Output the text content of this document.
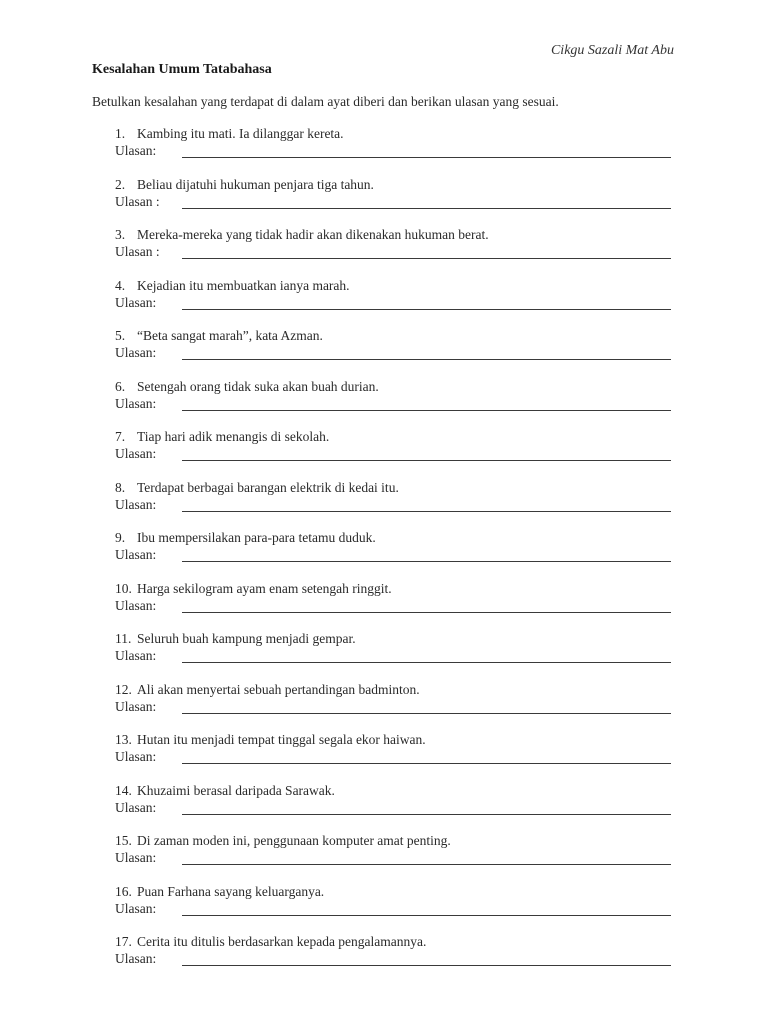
Cikgu Sazali Mat Abu
Kesalahan Umum Tatabahasa
Betulkan kesalahan yang terdapat di dalam ayat diberi dan berikan ulasan yang sesuai.
1. Kambing itu mati. Ia dilanggar kereta.
Ulasan:
2. Beliau dijatuhi hukuman penjara tiga tahun.
Ulasan :
3. Mereka-mereka yang tidak hadir akan dikenakan hukuman berat.
Ulasan :
4. Kejadian itu membuatkan ianya marah.
Ulasan:
5. “Beta sangat marah”, kata Azman.
Ulasan:
6. Setengah orang tidak suka akan buah durian.
Ulasan:
7. Tiap hari adik menangis di sekolah.
Ulasan:
8. Terdapat berbagai barangan elektrik di kedai itu.
Ulasan:
9. Ibu mempersilakan para-para tetamu duduk.
Ulasan:
10. Harga sekilogram ayam enam setengah ringgit.
Ulasan:
11. Seluruh buah kampung menjadi gempar.
Ulasan:
12. Ali akan menyertai sebuah pertandingan badminton.
Ulasan:
13. Hutan itu menjadi tempat tinggal segala ekor haiwan.
Ulasan:
14. Khuzaimi berasal daripada Sarawak.
Ulasan:
15. Di zaman moden ini, penggunaan komputer amat penting.
Ulasan:
16. Puan Farhana sayang keluarganya.
Ulasan:
17. Cerita itu ditulis berdasarkan kepada pengalamannya.
Ulasan:
